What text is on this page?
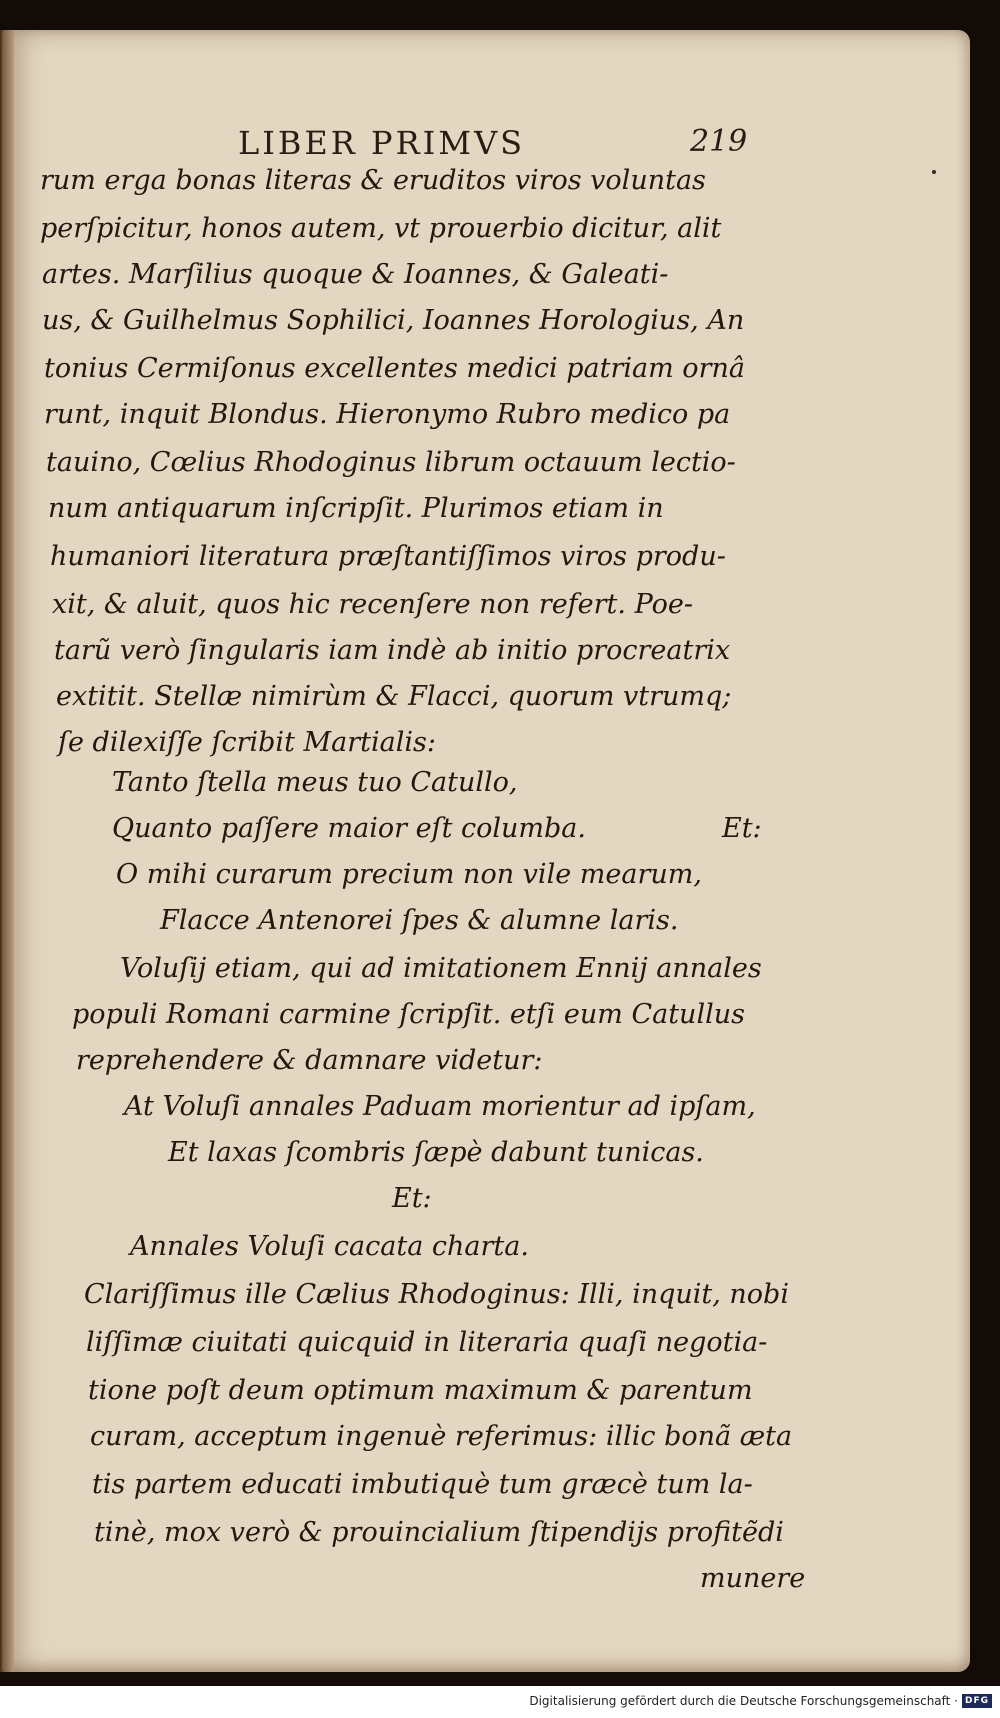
LIBER PRIMVS	219
rum erga bonas literas & eruditos viros voluntas
perſpicitur, honos autem, vt prouerbio dicitur, alit
artes. Marſilius quoque & Ioannes, & Galeati-
us, & Guilhelmus Sophilici, Ioannes Horologius, An
tonius Cermiſonus excellentes medici patriam ornâ
runt, inquit Blondus. Hieronymo Rubro medico pa
tauino, Cœlius Rhodoginus librum octauum lectio-
num antiquarum inſcripſit. Plurimos etiam in
humaniori literatura præſtantiſſimos viros produ-
xit, & aluit, quos hic recenſere non refert. Poe-
tarũ verò ſingularis iam indè ab initio procreatrix
extitit. Stellæ nimirùm & Flacci, quorum vtrumq;
ſe dilexiſſe ſcribit Martialis:
Tanto ſtella meus tuo Catullo,
Quanto paſſere maior eſt columba.	Et:
O mihi curarum precium non vile mearum,
Flacce Antenorei ſpes & alumne laris.
Voluſij etiam, qui ad imitationem Ennij annales
populi Romani carmine ſcripſit. etſi eum Catullus
reprehendere & damnare videtur:
At Voluſi annales Paduam morientur ad ipſam,
Et laxas ſcombris ſæpè dabunt tunicas.
Et:
Annales Voluſi cacata charta.
Clariſſimus ille Cælius Rhodoginus: Illi, inquit, nobi
liſſimæ ciuitati quicquid in literaria quaſi negotia-
tione poſt deum optimum maximum & parentum
curam, acceptum ingenuè referimus: illic bonã æta
tis partem educati imbutiquè tum græcè tum la-
tinè, mox verò & prouincialium ſtipendijs profitẽdi
munere
Digitalisierung gefördert durch die Deutsche Forschungsgemeinschaft · DFG
